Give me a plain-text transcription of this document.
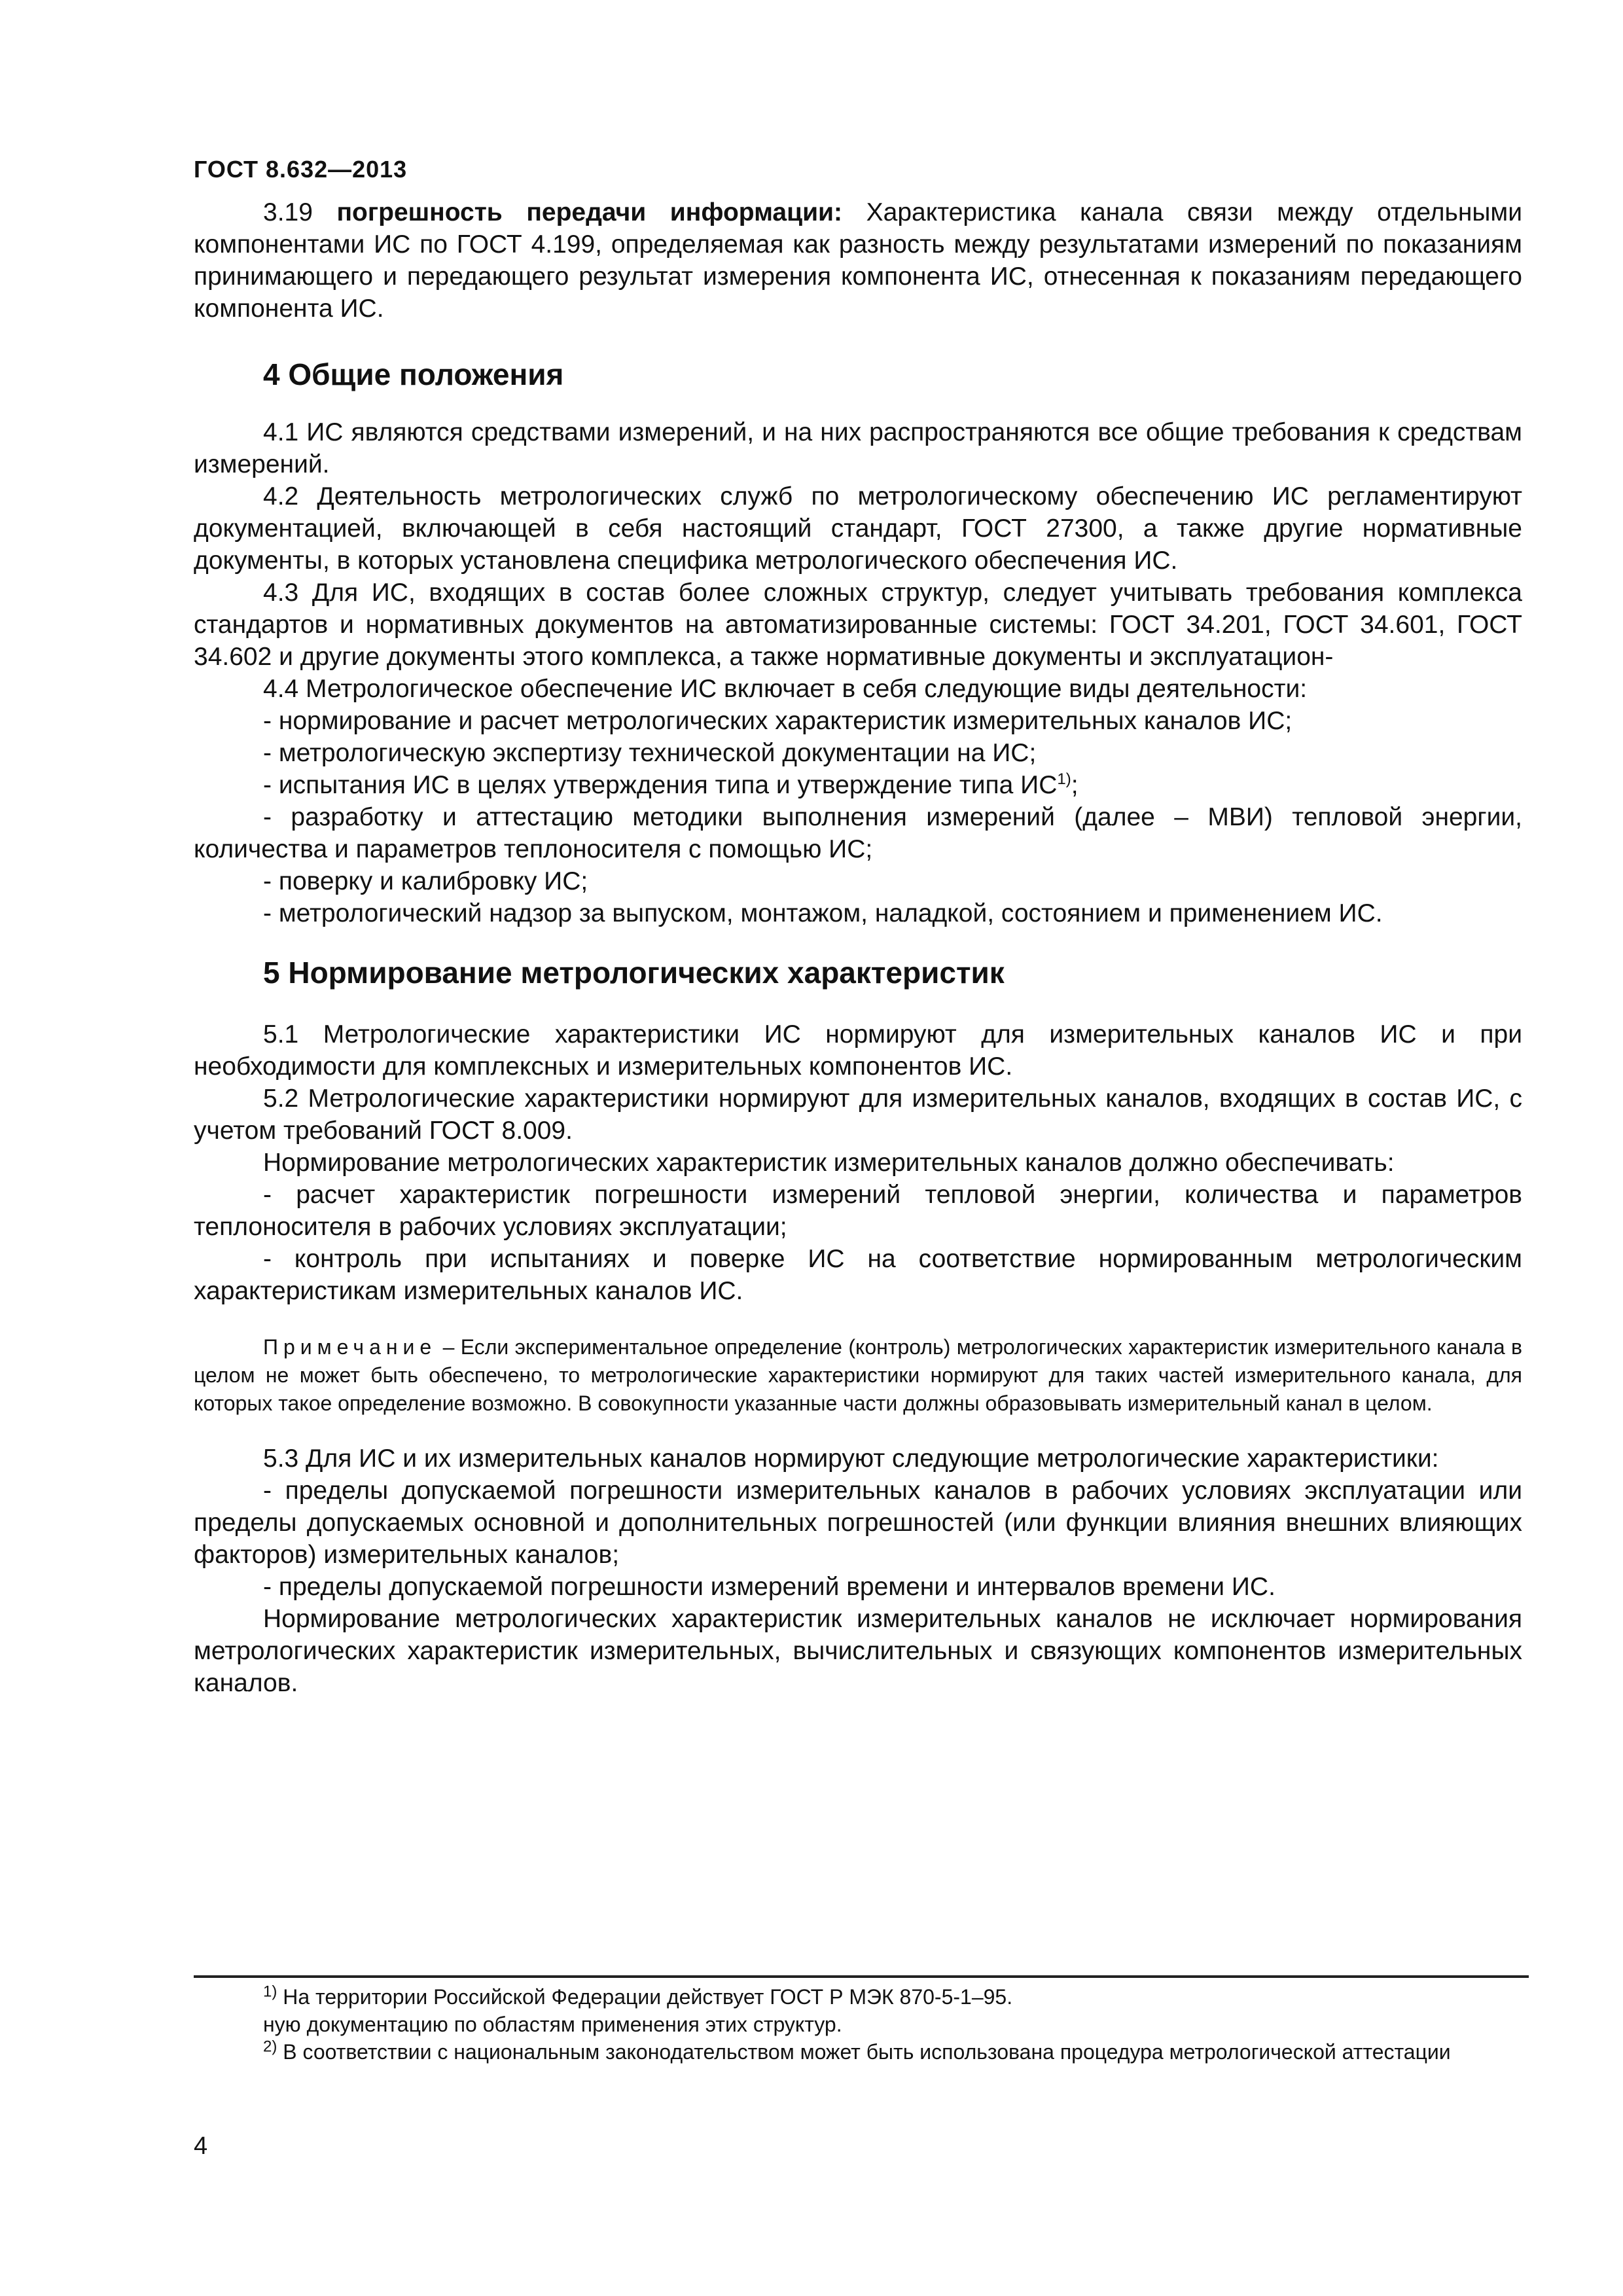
ГОСТ 8.632—2013

3.19 погрешность передачи информации: Характеристика канала связи между отдельными компонентами ИС по ГОСТ 4.199, определяемая как разность между результатами измерений по показаниям принимающего и передающего результат измерения компонента ИС, отнесенная к показаниям передающего компонента ИС.

4 Общие положения

4.1 ИС являются средствами измерений, и на них распространяются все общие требования к средствам измерений.

4.2 Деятельность метрологических служб по метрологическому обеспечению ИС регламентируют документацией, включающей в себя настоящий стандарт, ГОСТ 27300, а также другие нормативные документы, в которых установлена специфика метрологического обеспечения ИС.

4.3 Для ИС, входящих в состав более сложных структур, следует учитывать требования комплекса стандартов и нормативных документов на автоматизированные системы: ГОСТ 34.201, ГОСТ 34.601, ГОСТ 34.602 и другие документы этого комплекса, а также нормативные документы и эксплуатацион-

4.4 Метрологическое обеспечение ИС включает в себя следующие виды деятельности:

- нормирование и расчет метрологических характеристик измерительных каналов ИС;

- метрологическую экспертизу технической документации на ИС;

- испытания ИС в целях утверждения типа и утверждение типа ИС$^{1)}$;

- разработку и аттестацию методики выполнения измерений (далее – МВИ) тепловой энергии, количества и параметров теплоносителя с помощью ИС;

- поверку и калибровку ИС;

- метрологический надзор за выпуском, монтажом, наладкой, состоянием и применением ИС.

5 Нормирование метрологических характеристик

5.1 Метрологические характеристики ИС нормируют для измерительных каналов ИС и при необходимости для комплексных и измерительных компонентов ИС.

5.2 Метрологические характеристики нормируют для измерительных каналов, входящих в состав ИС, с учетом требований ГОСТ 8.009.

Нормирование метрологических характеристик измерительных каналов должно обеспечивать:

- расчет характеристик погрешности измерений тепловой энергии, количества и параметров теплоносителя в рабочих условиях эксплуатации;

- контроль при испытаниях и поверке ИС на соответствие нормированным метрологическим характеристикам измерительных каналов ИС.

Примечание – Если экспериментальное определение (контроль) метрологических характеристик измерительного канала в целом не может быть обеспечено, то метрологические характеристики нормируют для таких частей измерительного канала, для которых такое определение возможно. В совокупности указанные части должны образовывать измерительный канал в целом.

5.3 Для ИС и их измерительных каналов нормируют следующие метрологические характеристики:

- пределы допускаемой погрешности измерительных каналов в рабочих условиях эксплуатации или пределы допускаемых основной и дополнительных погрешностей (или функции влияния внешних влияющих факторов) измерительных каналов;

- пределы допускаемой погрешности измерений времени и интервалов времени ИС.

Нормирование метрологических характеристик измерительных каналов не исключает нормирования метрологических характеристик измерительных, вычислительных и связующих компонентов измерительных каналов.

$^{1)}$ На территории Российской Федерации действует ГОСТ Р МЭК 870-5-1–95.
ную документацию по областям применения этих структур.
$^{2)}$ В соответствии с национальным законодательством может быть использована процедура метрологической аттестации
4
